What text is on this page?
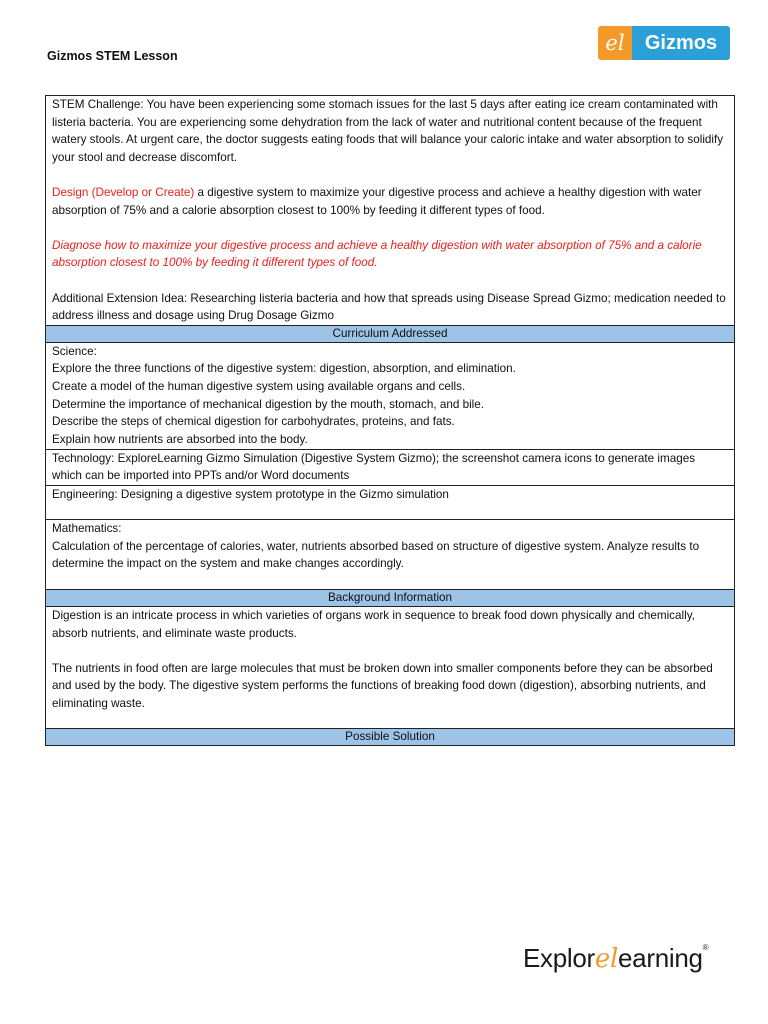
Gizmos STEM Lesson
el	Gizmos

STEM Challenge: You have been experiencing some stomach issues for the last 5 days after eating ice cream contaminated with listeria bacteria. You are experiencing some dehydration from the lack of water and nutritional content because of the frequent watery stools. At urgent care, the doctor suggests eating foods that will balance your caloric intake and water absorption to solidify your stool and decrease discomfort.

Design (Develop or Create) a digestive system to maximize your digestive process and achieve a healthy digestion with water absorption of 75% and a calorie absorption closest to 100% by feeding it different types of food.

Diagnose how to maximize your digestive process and achieve a healthy digestion with water absorption of 75% and a calorie absorption closest to 100% by feeding it different types of food.

Additional Extension Idea: Researching listeria bacteria and how that spreads using Disease Spread Gizmo; medication needed to address illness and dosage using Drug Dosage Gizmo

Curriculum Addressed

Science:

Explore the three functions of the digestive system: digestion, absorption, and elimination.

Create a model of the human digestive system using available organs and cells.

Determine the importance of mechanical digestion by the mouth, stomach, and bile.

Describe the steps of chemical digestion for carbohydrates, proteins, and fats.

Explain how nutrients are absorbed into the body.

Technology: ExploreLearning Gizmo Simulation (Digestive System Gizmo); the screenshot camera icons to generate images which can be imported into PPTs and/or Word documents

Engineering: Designing a digestive system prototype in the Gizmo simulation

Mathematics:

Calculation of the percentage of calories, water, nutrients absorbed based on structure of digestive system. Analyze results to determine the impact on the system and make changes accordingly.

Background Information

Digestion is an intricate process in which varieties of organs work in sequence to break food down physically and chemically, absorb nutrients, and eliminate waste products.

The nutrients in food often are large molecules that must be broken down into smaller components before they can be absorbed and used by the body. The digestive system performs the functions of breaking food down (digestion), absorbing nutrients, and eliminating waste.

Possible Solution
Explorelearning®
